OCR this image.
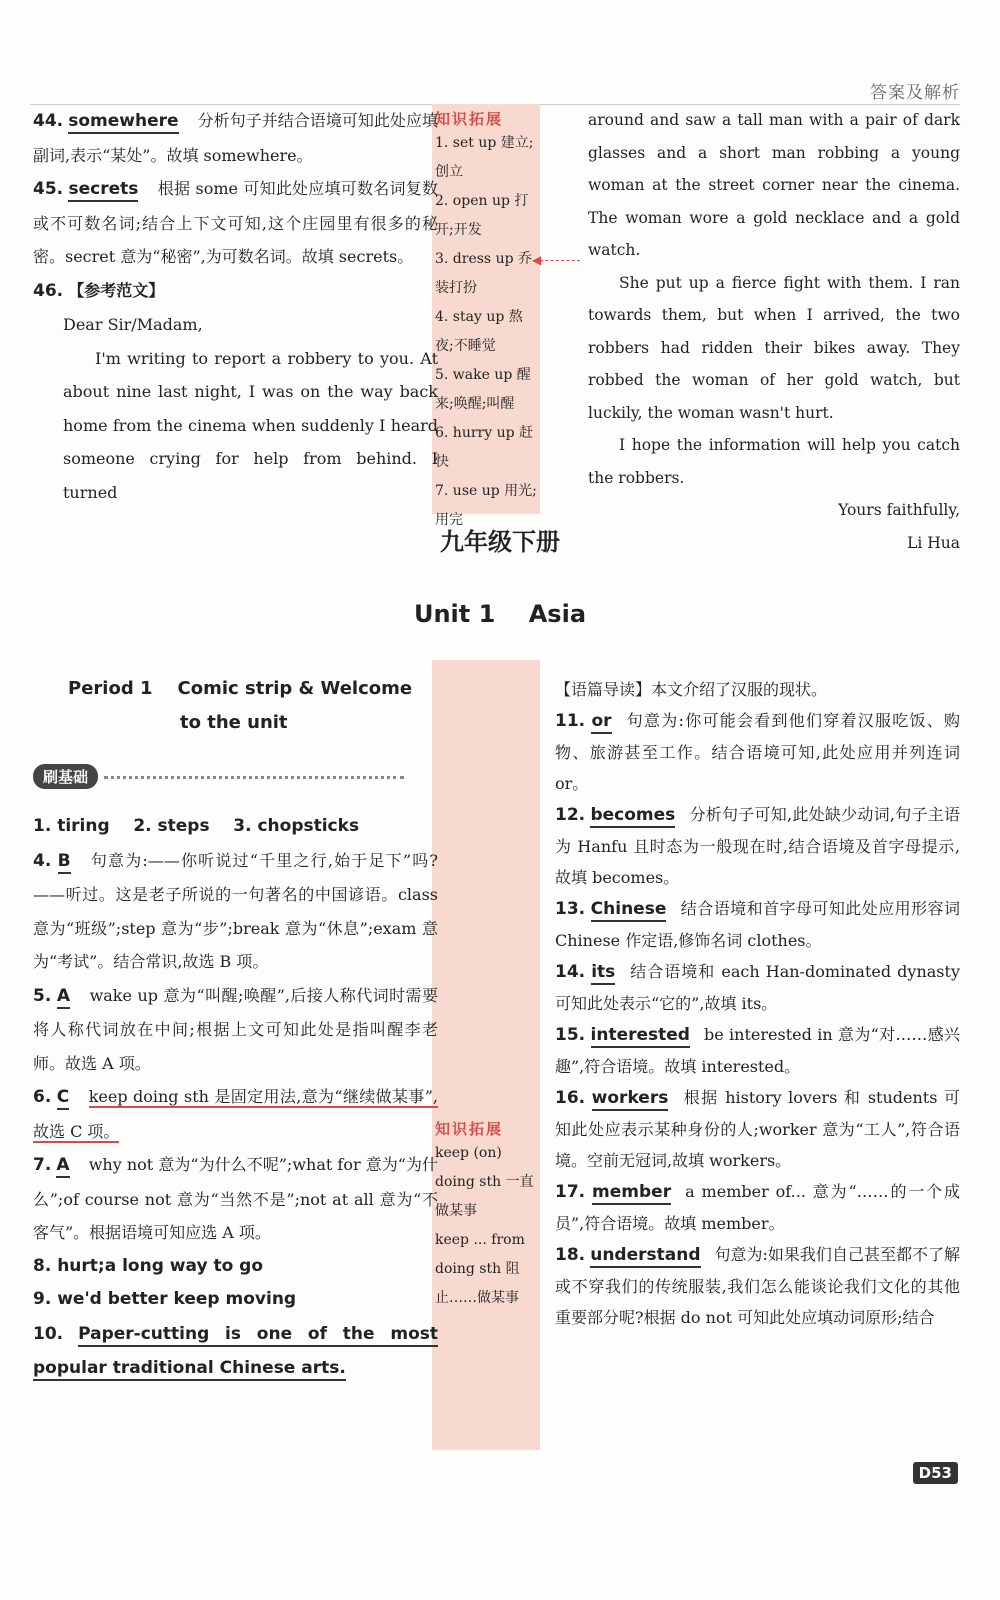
答案及解析

44. somewhere 分析句子并结合语境可知此处应填副词,表示“某处”。故填 somewhere。

45. secrets 根据 some 可知此处应填可数名词复数或不可数名词;结合上下文可知,这个庄园里有很多的秘密。secret 意为“秘密”,为可数名词。故填 secrets。

46. 【参考范文】

Dear Sir/Madam,

I'm writing to report a robbery to you. At about nine last night, I was on the way back home from the cinema when suddenly I heard someone crying for help from behind. I turned

知识拓展

1. set up 建立;创立

2. open up 打开;开发

3. dress up 乔装打扮

4. stay up 熬夜;不睡觉

5. wake up 醒来;唤醒;叫醒

6. hurry up 赶快

7. use up 用光;用完

◀

around and saw a tall man with a pair of dark glasses and a short man robbing a young woman at the street corner near the cinema. The woman wore a gold necklace and a gold watch.

She put up a fierce fight with them. I ran towards them, but when I arrived, the two robbers had ridden their bikes away. They robbed the woman of her gold watch, but luckily, the woman wasn't hurt.

I hope the information will help you catch the robbers.

Yours faithfully,

Li Hua

九年级下册
Unit 1    Asia
Period 1    Comic strip & Welcome
to the unit
刷基础

1. tiring    2. steps    3. chopsticks

4. B 句意为:——你听说过“千里之行,始于足下”吗?——听过。这是老子所说的一句著名的中国谚语。class 意为“班级”;step 意为“步”;break 意为“休息”;exam 意为“考试”。结合常识,故选 B 项。

5. A wake up 意为“叫醒;唤醒”,后接人称代词时需要将人称代词放在中间;根据上文可知此处是指叫醒李老师。故选 A 项。

6. C keep doing sth 是固定用法,意为“继续做某事”,故选 C 项。

7. A why not 意为“为什么不呢”;what for 意为“为什么”;of course not 意为“当然不是”;not at all 意为“不客气”。根据语境可知应选 A 项。

8. hurt;a long way to go

9. we'd better keep moving

10. Paper-cutting is one of the most popular traditional Chinese arts.

知识拓展

keep (on) doing sth 一直做某事

keep ... from doing sth 阻止……做某事

【语篇导读】本文介绍了汉服的现状。

11. or 句意为:你可能会看到他们穿着汉服吃饭、购物、旅游甚至工作。结合语境可知,此处应用并列连词 or。

12. becomes 分析句子可知,此处缺少动词,句子主语为 Hanfu 且时态为一般现在时,结合语境及首字母提示,故填 becomes。

13. Chinese 结合语境和首字母可知此处应用形容词 Chinese 作定语,修饰名词 clothes。

14. its 结合语境和 each Han-dominated dynasty 可知此处表示“它的”,故填 its。

15. interested be interested in 意为“对……感兴趣”,符合语境。故填 interested。

16. workers 根据 history lovers 和 students 可知此处应表示某种身份的人;worker 意为“工人”,符合语境。空前无冠词,故填 workers。

17. member a member of... 意为“……的一个成员”,符合语境。故填 member。

18. understand 句意为:如果我们自己甚至都不了解或不穿我们的传统服装,我们怎么能谈论我们文化的其他重要部分呢?根据 do not 可知此处应填动词原形;结合

D53
